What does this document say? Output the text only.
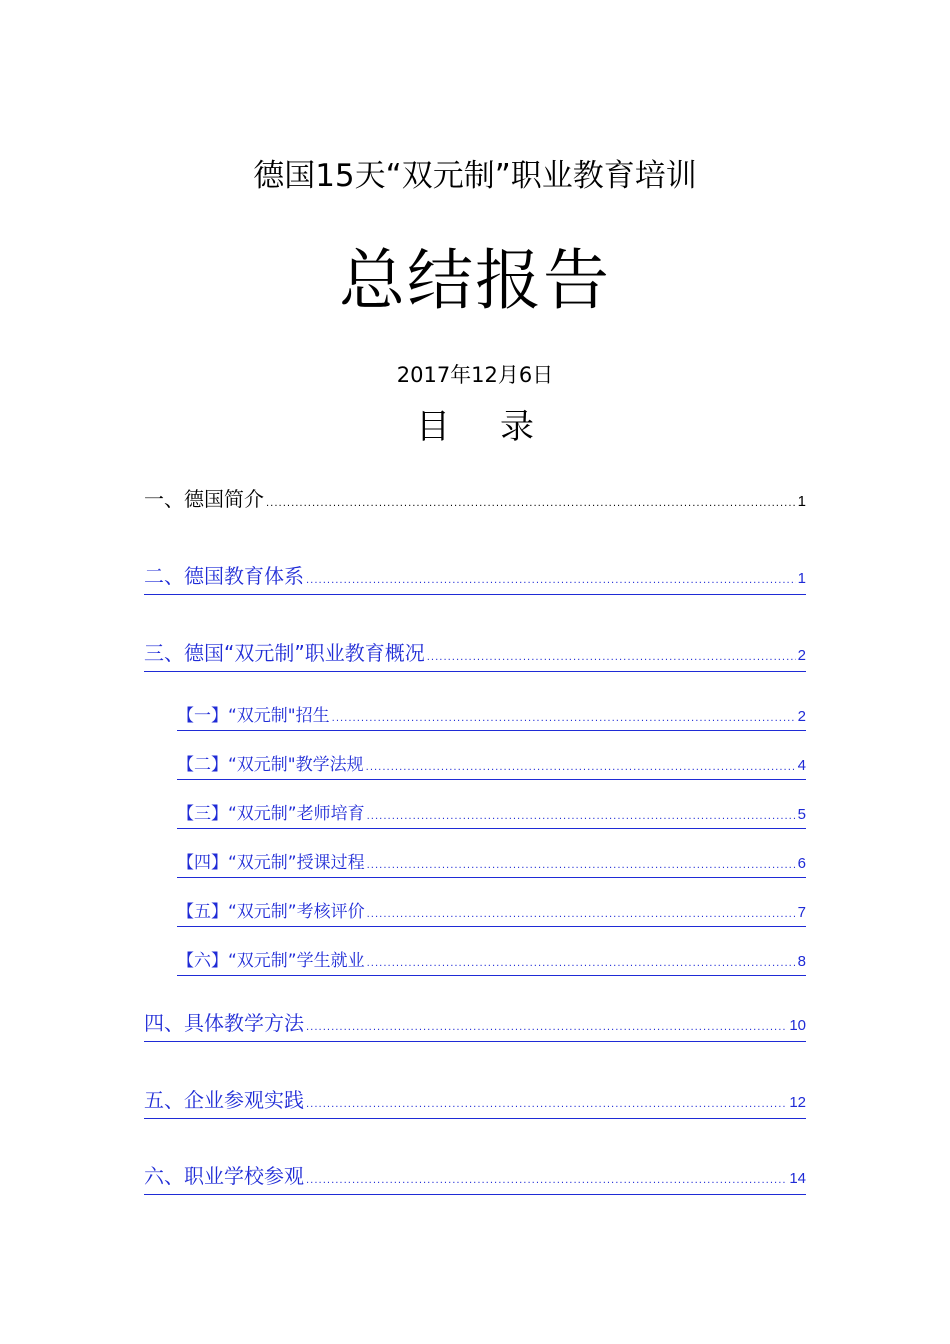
德国15天“双元制”职业教育培训
总结报告
2017年12月6日
目录
一、德国简介 .....	1
二、德国教育体系 .....	1
三、德国“双元制”职业教育概况 .....	2
【一】“双元制"招生 .....	2
【二】“双元制"教学法规 .....	4
【三】“双元制”老师培育 .....	5
【四】“双元制”授课过程 .....	6
【五】“双元制”考核评价 .....	7
【六】“双元制”学生就业 .....	8
四、具体教学方法 .....	10
五、企业参观实践 .....	12
六、职业学校参观 .....	14
